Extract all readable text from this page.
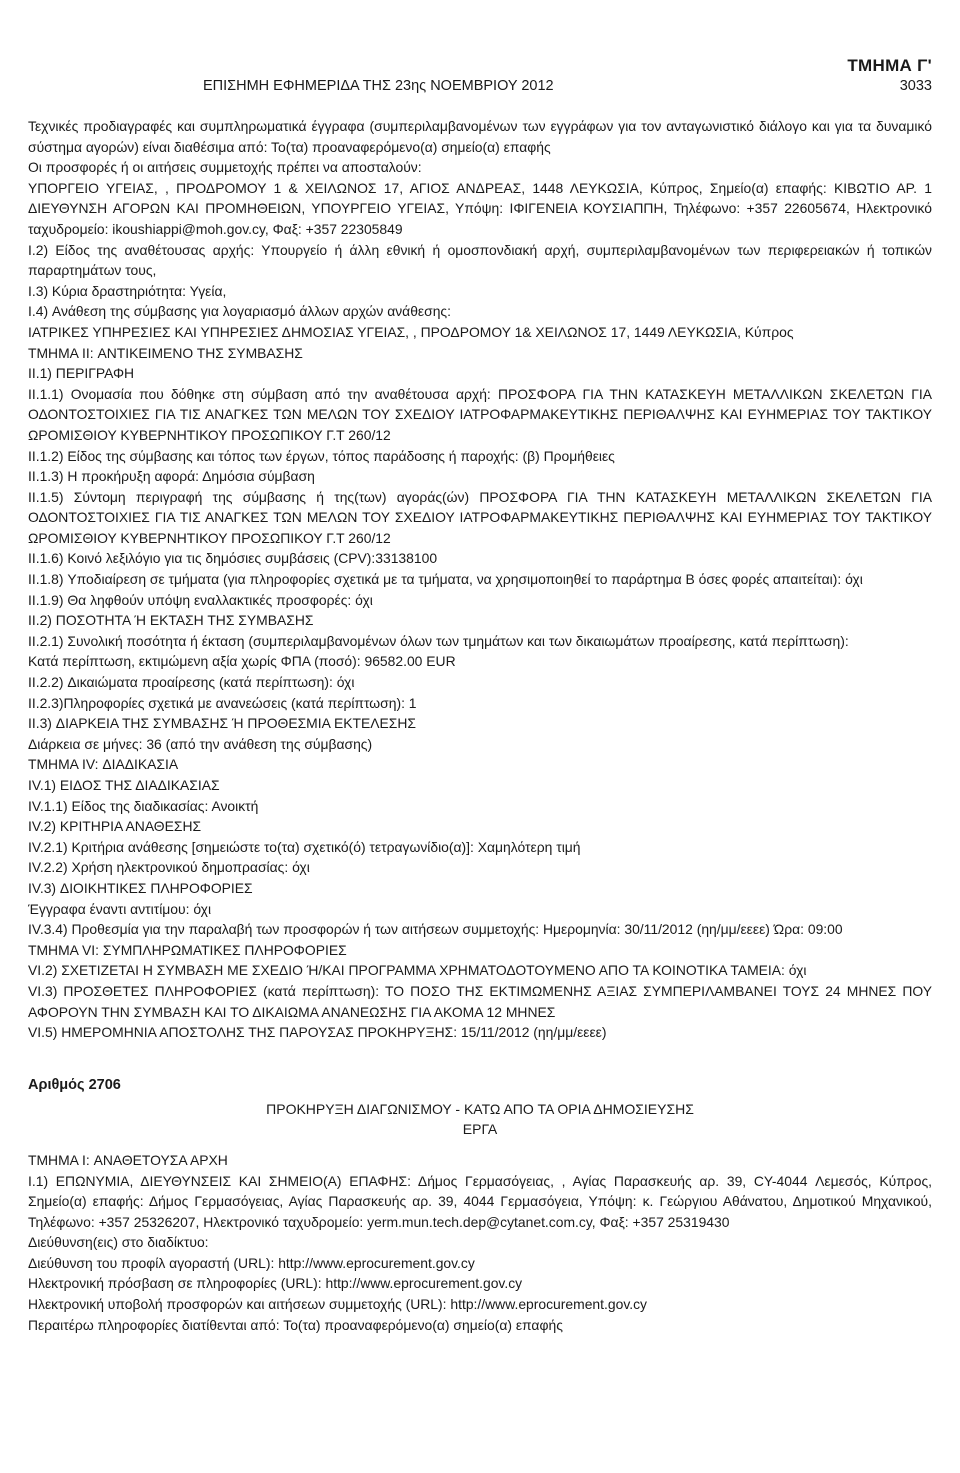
ΤΜΗΜΑ Γ'
ΕΠΙΣΗΜΗ ΕΦΗΜΕΡΙΔΑ ΤΗΣ 23ης ΝΟΕΜΒΡΙΟΥ 2012	3033

Τεχνικές προδιαγραφές και συμπληρωματικά έγγραφα (συμπεριλαμβανομένων των εγγράφων για τον ανταγωνιστικό διάλογο και για τα δυναμικό σύστημα αγορών) είναι διαθέσιμα από: Το(τα) προαναφερόμενο(α) σημείο(α) επαφής

Οι προσφορές ή οι αιτήσεις συμμετοχής πρέπει να αποσταλούν:

ΥΠΟΡΓΕΙΟ ΥΓΕΙΑΣ, , ΠΡΟΔΡΟΜΟΥ 1 & ΧΕΙΛΩΝΟΣ 17, ΑΓΙΟΣ ΑΝΔΡΕΑΣ, 1448 ΛΕΥΚΩΣΙΑ, Κύπρος, Σημείο(α) επαφής: ΚΙΒΩΤΙΟ ΑΡ. 1 ΔΙΕΥΘΥΝΣΗ ΑΓΟΡΩΝ ΚΑΙ ΠΡΟΜΗΘΕΙΩΝ, ΥΠΟΥΡΓΕΙΟ ΥΓΕΙΑΣ, Υπόψη: ΙΦΙΓΕΝΕΙΑ ΚΟΥΣΙΑΠΠΗ, Τηλέφωνο: +357 22605674, Ηλεκτρονικό ταχυδρομείο: ikoushiappi@moh.gov.cy, Φαξ: +357 22305849

I.2) Είδος της αναθέτουσας αρχής: Υπουργείο ή άλλη εθνική ή ομοσπονδιακή αρχή, συμπεριλαμβανομένων των περιφερειακών ή τοπικών παραρτημάτων τους,

I.3) Κύρια δραστηριότητα: Υγεία,

I.4) Ανάθεση της σύμβασης για λογαριασμό άλλων αρχών ανάθεσης:

ΙΑΤΡΙΚΕΣ ΥΠΗΡΕΣΙΕΣ ΚΑΙ ΥΠΗΡΕΣΙΕΣ ΔΗΜΟΣΙΑΣ ΥΓΕΙΑΣ, , ΠΡΟΔΡΟΜΟΥ 1& ΧΕΙΛΩΝΟΣ 17, 1449 ΛΕΥΚΩΣΙΑ, Κύπρος

ΤΜΗΜΑ II: ΑΝΤΙΚΕΙΜΕΝΟ ΤΗΣ ΣΥΜΒΑΣΗΣ

II.1) ΠΕΡΙΓΡΑΦΗ

II.1.1) Ονομασία που δόθηκε στη σύμβαση από την αναθέτουσα αρχή: ΠΡΟΣΦΟΡΑ ΓΙΑ ΤΗΝ ΚΑΤΑΣΚΕΥΗ ΜΕΤΑΛΛΙΚΩΝ ΣΚΕΛΕΤΩΝ ΓΙΑ ΟΔΟΝΤΟΣΤΟΙΧΙΕΣ ΓΙΑ ΤΙΣ ΑΝΑΓΚΕΣ ΤΩΝ ΜΕΛΩΝ ΤΟΥ ΣΧΕΔΙΟΥ ΙΑΤΡΟΦΑΡΜΑΚΕΥΤΙΚΗΣ ΠΕΡΙΘΑΛΨΗΣ ΚΑΙ ΕΥΗΜΕΡΙΑΣ ΤΟΥ ΤΑΚΤΙΚΟΥ ΩΡΟΜΙΣΘΙΟΥ ΚΥΒΕΡΝΗΤΙΚΟΥ ΠΡΟΣΩΠΙΚΟΥ Γ.Τ 260/12

II.1.2) Είδος της σύμβασης και τόπος των έργων, τόπος παράδοσης ή παροχής: (β) Προμήθειες

II.1.3) Η προκήρυξη αφορά: Δημόσια σύμβαση

II.1.5) Σύντομη περιγραφή της σύμβασης ή της(των) αγοράς(ών) ΠΡΟΣΦΟΡΑ ΓΙΑ ΤΗΝ ΚΑΤΑΣΚΕΥΗ ΜΕΤΑΛΛΙΚΩΝ ΣΚΕΛΕΤΩΝ ΓΙΑ ΟΔΟΝΤΟΣΤΟΙΧΙΕΣ ΓΙΑ ΤΙΣ ΑΝΑΓΚΕΣ ΤΩΝ ΜΕΛΩΝ ΤΟΥ ΣΧΕΔΙΟΥ ΙΑΤΡΟΦΑΡΜΑΚΕΥΤΙΚΗΣ ΠΕΡΙΘΑΛΨΗΣ ΚΑΙ ΕΥΗΜΕΡΙΑΣ ΤΟΥ ΤΑΚΤΙΚΟΥ ΩΡΟΜΙΣΘΙΟΥ ΚΥΒΕΡΝΗΤΙΚΟΥ ΠΡΟΣΩΠΙΚΟΥ Γ.Τ 260/12

II.1.6) Κοινό λεξιλόγιο για τις δημόσιες συμβάσεις (CPV):33138100

II.1.8) Υποδιαίρεση σε τμήματα (για πληροφορίες σχετικά με τα τμήματα, να χρησιμοποιηθεί το παράρτημα Β όσες φορές απαιτείται): όχι

II.1.9) Θα ληφθούν υπόψη εναλλακτικές προσφορές: όχι

II.2) ΠΟΣΟΤΗΤΑ Ή ΕΚΤΑΣΗ ΤΗΣ ΣΥΜΒΑΣΗΣ

II.2.1) Συνολική ποσότητα ή έκταση (συμπεριλαμβανομένων όλων των τμημάτων και των δικαιωμάτων προαίρεσης, κατά περίπτωση):

Κατά περίπτωση, εκτιμώμενη αξία χωρίς ΦΠΑ (ποσό): 96582.00 EUR

II.2.2) Δικαιώματα προαίρεσης (κατά περίπτωση): όχι

II.2.3)Πληροφορίες σχετικά με ανανεώσεις (κατά περίπτωση): 1

II.3) ΔΙΑΡΚΕΙΑ ΤΗΣ ΣΥΜΒΑΣΗΣ Ή ΠΡΟΘΕΣΜΙΑ ΕΚΤΕΛΕΣΗΣ

Διάρκεια σε μήνες: 36 (από την ανάθεση της σύμβασης)

ΤΜΗΜΑ IV: ΔΙΑΔΙΚΑΣΙΑ

IV.1) ΕΙΔΟΣ ΤΗΣ ΔΙΑΔΙΚΑΣΙΑΣ

IV.1.1) Είδος της διαδικασίας: Ανοικτή

IV.2) ΚΡΙΤΗΡΙΑ ΑΝΑΘΕΣΗΣ

IV.2.1) Κριτήρια ανάθεσης [σημειώστε το(τα) σχετικό(ό) τετραγωνίδιο(α)]: Χαμηλότερη τιμή

IV.2.2) Χρήση ηλεκτρονικού δημοπρασίας: όχι

IV.3) ΔΙΟΙΚΗΤΙΚΕΣ ΠΛΗΡΟΦΟΡΙΕΣ

Έγγραφα έναντι αντιτίμου: όχι

IV.3.4) Προθεσμία για την παραλαβή των προσφορών ή των αιτήσεων συμμετοχής: Ημερομηνία: 30/11/2012 (ηη/μμ/εεεε) Ώρα: 09:00

ΤΜΗΜΑ VI: ΣΥΜΠΛΗΡΩΜΑΤΙΚΕΣ ΠΛΗΡΟΦΟΡΙΕΣ

VI.2) ΣΧΕΤΙΖΕΤΑΙ Η ΣΥΜΒΑΣΗ ΜΕ ΣΧΕΔΙΟ Ή/ΚΑΙ ΠΡΟΓΡΑΜΜΑ ΧΡΗΜΑΤΟΔΟΤΟΥΜΕΝΟ ΑΠΟ ΤΑ ΚΟΙΝΟΤΙΚΑ ΤΑΜΕΙΑ: όχι

VI.3) ΠΡΟΣΘΕΤΕΣ ΠΛΗΡΟΦΟΡΙΕΣ (κατά περίπτωση): ΤΟ ΠΟΣΟ ΤΗΣ ΕΚΤΙΜΩΜΕΝΗΣ ΑΞΙΑΣ ΣΥΜΠΕΡΙΛΑΜΒΑΝΕΙ ΤΟΥΣ 24 ΜΗΝΕΣ ΠΟΥ ΑΦΟΡΟΥΝ ΤΗΝ ΣΥΜΒΑΣΗ ΚΑΙ ΤΟ ΔΙΚΑΙΩΜΑ ΑΝΑΝΕΩΣΗΣ ΓΙΑ ΑΚΟΜΑ 12 ΜΗΝΕΣ

VI.5) ΗΜΕΡΟΜΗΝΙΑ ΑΠΟΣΤΟΛΗΣ ΤΗΣ ΠΑΡΟΥΣΑΣ ΠΡΟΚΗΡΥΞΗΣ: 15/11/2012 (ηη/μμ/εεεε)

Αριθμός 2706

ΠΡΟΚΗΡΥΞΗ ΔΙΑΓΩΝΙΣΜΟΥ - ΚΑΤΩ ΑΠΟ ΤΑ ΟΡΙΑ ΔΗΜΟΣΙΕΥΣΗΣ

ΕΡΓΑ

ΤΜΗΜΑ I: ΑΝΑΘΕΤΟΥΣΑ ΑΡΧΗ

I.1) ΕΠΩΝΥΜΙΑ, ΔΙΕΥΘΥΝΣΕΙΣ ΚΑΙ ΣΗΜΕΙΟ(Α) ΕΠΑΦΗΣ: Δήμος Γερμασόγειας, , Αγίας Παρασκευής αρ. 39, CY-4044 Λεμεσός, Κύπρος, Σημείο(α) επαφής: Δήμος Γερμασόγειας, Αγίας Παρασκευής αρ. 39, 4044 Γερμασόγεια, Υπόψη: κ. Γεώργιου Αθάνατου, Δημοτικού Μηχανικού, Τηλέφωνο: +357 25326207, Ηλεκτρονικό ταχυδρομείο: yerm.mun.tech.dep@cytanet.com.cy, Φαξ: +357 25319430

Διεύθυνση(εις) στο διαδίκτυο:

Διεύθυνση του προφίλ αγοραστή (URL): http://www.eprocurement.gov.cy

Ηλεκτρονική πρόσβαση σε πληροφορίες (URL): http://www.eprocurement.gov.cy

Ηλεκτρονική υποβολή προσφορών και αιτήσεων συμμετοχής (URL): http://www.eprocurement.gov.cy

Περαιτέρω πληροφορίες διατίθενται από: Το(τα) προαναφερόμενο(α) σημείο(α) επαφής
